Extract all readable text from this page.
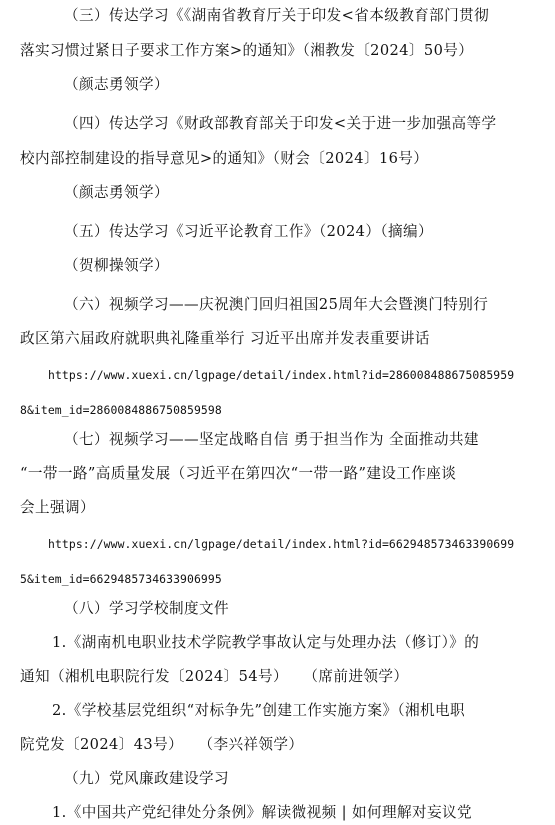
（三）传达学习《《湖南省教育厅关于印发<省本级教育部门贯彻
落实习惯过紧日子要求工作方案>的通知》（湘教发〔2024〕50号）
（颜志勇领学）
（四）传达学习《财政部教育部关于印发<关于进一步加强高等学
校内部控制建设的指导意见>的通知》（财会〔2024〕16号）
（颜志勇领学）
（五）传达学习《习近平论教育工作》（2024）（摘编）
（贺柳操领学）
（六）视频学习——庆祝澳门回归祖国25周年大会暨澳门特别行
政区第六届政府就职典礼隆重举行 习近平出席并发表重要讲话
https://www.xuexi.cn/lgpage/detail/index.html?id=286008488675085959
8&item_id=2860084886750859598
（七）视频学习——坚定战略自信 勇于担当作为 全面推动共建
“一带一路”高质量发展（习近平在第四次“一带一路”建设工作座谈
会上强调）
https://www.xuexi.cn/lgpage/detail/index.html?id=662948573463390699
5&item_id=6629485734633906995
（八）学习学校制度文件
1.《湖南机电职业技术学院教学事故认定与处理办法（修订）》的
通知（湘机电职院行发〔2024〕54号）　　（席前进领学）
2.《学校基层党组织“对标争先”创建工作实施方案》（湘机电职
院党发〔2024〕43号）　　（李兴祥领学）
（九）党风廉政建设学习
1.《中国共产党纪律处分条例》解读微视频 | 如何理解对妄议党
